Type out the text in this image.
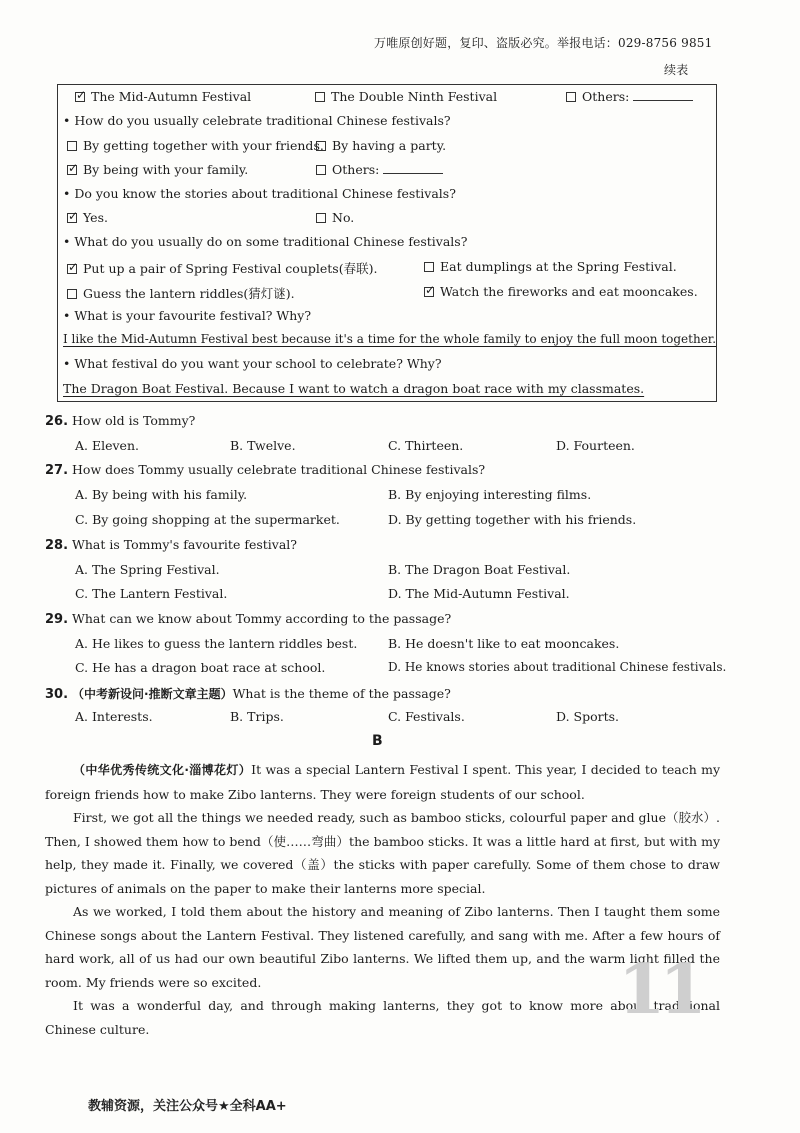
万唯原创好题，复印、盗版必究。举报电话：029-8756 9851
续表
✓The Mid-Autumn Festival	The Double Ninth Festival	Others:
• How do you usually celebrate traditional Chinese festivals?
By getting together with your friends. By having a party.
✓By being with your family.	Others:
• Do you know the stories about traditional Chinese festivals?
✓Yes.	No.
• What do you usually do on some traditional Chinese festivals?
✓Put up a pair of Spring Festival couplets(春联).	Eat dumplings at the Spring Festival.
Guess the lantern riddles(猜灯谜).
✓	Watch the fireworks and eat mooncakes.
• What is your favourite festival? Why?
I like the Mid-Autumn Festival best because it's a time for the whole family to enjoy the full moon together.
• What festival do you want your school to celebrate? Why?
The Dragon Boat Festival. Because I want to watch a dragon boat race with my classmates.
26. How old is Tommy?
A. Eleven.	B. Twelve.	C. Thirteen.	D. Fourteen.
27. How does Tommy usually celebrate traditional Chinese festivals?
A. By being with his family.	B. By enjoying interesting films.
C. By going shopping at the supermarket.	D. By getting together with his friends.
28. What is Tommy's favourite festival?
A. The Spring Festival.	B. The Dragon Boat Festival.
C. The Lantern Festival.	D. The Mid-Autumn Festival.
29. What can we know about Tommy according to the passage?
A. He likes to guess the lantern riddles best. B. He doesn't like to eat mooncakes.
C. He has a dragon boat race at school.	D. He knows stories about traditional Chinese festivals.
30. （中考新设问·推断文章主题）What is the theme of the passage?
A. Interests.	B. Trips.	C. Festivals.	D. Sports.
B

（中华优秀传统文化·淄博花灯）It was a special Lantern Festival I spent. This year, I decided to teach my foreign friends how to make Zibo lanterns. They were foreign students of our school.

First, we got all the things we needed ready, such as bamboo sticks, colourful paper and glue（胶水）. Then, I showed them how to bend（使……弯曲）the bamboo sticks. It was a little hard at first, but with my help, they made it. Finally, we covered（盖）the sticks with paper carefully. Some of them chose to draw pictures of animals on the paper to make their lanterns more special.

As we worked, I told them about the history and meaning of Zibo lanterns. Then I taught them some Chinese songs about the Lantern Festival. They listened carefully, and sang with me. After a few hours of hard work, all of us had our own beautiful Zibo lanterns. We lifted them up, and the warm light filled the room. My friends were so excited.

It was a wonderful day, and through making lanterns, they got to know more about traditional Chinese culture.	11
教辅资源，关注公众号★全科AA+
